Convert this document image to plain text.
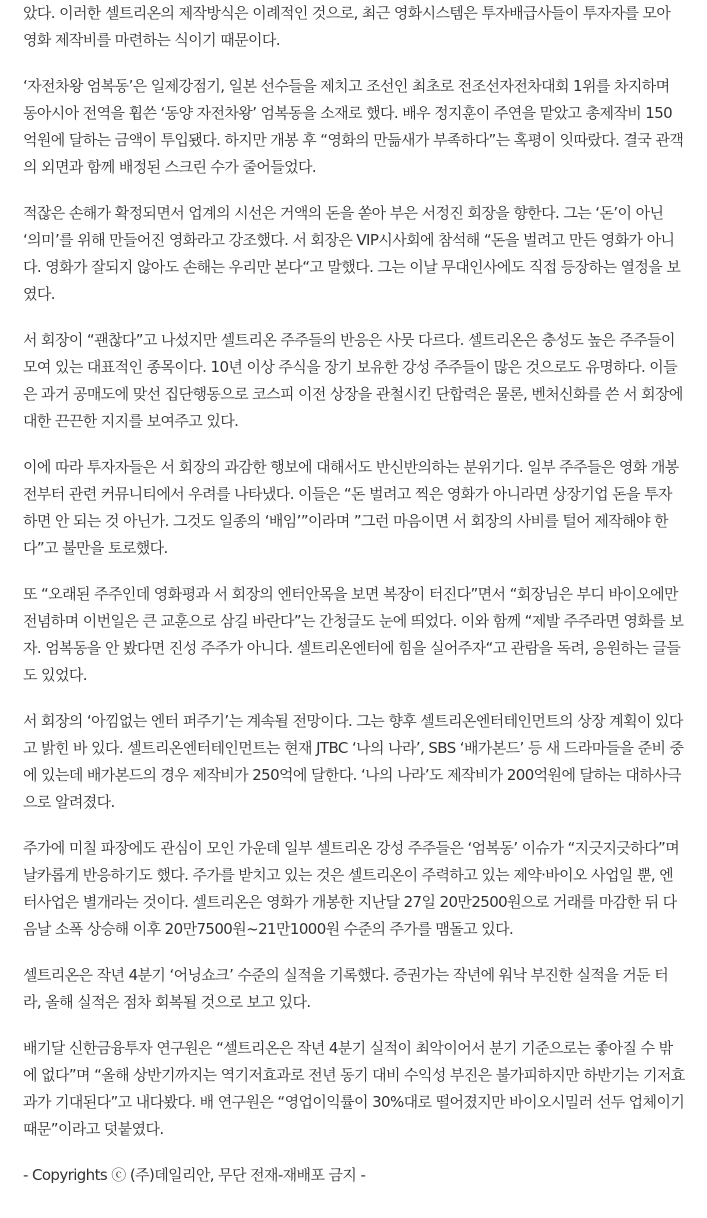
았다. 이러한 셀트리온의 제작방식은 이례적인 것으로, 최근 영화시스템은 투자배급사들이 투자자를 모아 영화 제작비를 마련하는 식이기 때문이다.

‘자전차왕 엄복동’은 일제강점기, 일본 선수들을 제치고 조선인 최초로 전조선자전차대회 1위를 차지하며 동아시아 전역을 휩쓴 ‘동양 자전차왕’ 엄복동을 소재로 했다. 배우 정지훈이 주연을 맡았고 총제작비 150억원에 달하는 금액이 투입됐다. 하지만 개봉 후 “영화의 만듦새가 부족하다”는 혹평이 잇따랐다. 결국 관객의 외면과 함께 배정된 스크린 수가 줄어들었다.

적잖은 손해가 확정되면서 업계의 시선은 거액의 돈을 쏟아 부은 서정진 회장을 향한다. 그는 ‘돈’이 아닌 ‘의미’를 위해 만들어진 영화라고 강조했다. 서 회장은 VIP시사회에 참석해 “돈을 벌려고 만든 영화가 아니다. 영화가 잘되지 않아도 손해는 우리만 본다“고 말했다. 그는 이날 무대인사에도 직접 등장하는 열정을 보였다.

서 회장이 “괜찮다”고 나섰지만 셀트리온 주주들의 반응은 사뭇 다르다. 셀트리온은 충성도 높은 주주들이 모여 있는 대표적인 종목이다. 10년 이상 주식을 장기 보유한 강성 주주들이 많은 것으로도 유명하다. 이들은 과거 공매도에 맞선 집단행동으로 코스피 이전 상장을 관철시킨 단합력은 물론, 벤처신화를 쓴 서 회장에 대한 끈끈한 지지를 보여주고 있다.

이에 따라 투자자들은 서 회장의 과감한 행보에 대해서도 반신반의하는 분위기다. 일부 주주들은 영화 개봉 전부터 관련 커뮤니티에서 우려를 나타냈다. 이들은 “돈 벌려고 찍은 영화가 아니라면 상장기업 돈을 투자하면 안 되는 것 아닌가. 그것도 일종의 ‘배임’”이라며 ”그런 마음이면 서 회장의 사비를 털어 제작해야 한다”고 불만을 토로했다.

또 “오래된 주주인데 영화평과 서 회장의 엔터안목을 보면 복장이 터진다”면서 “회장님은 부디 바이오에만 전념하며 이번일은 큰 교훈으로 삼길 바란다”는 간청글도 눈에 띄었다. 이와 함께 “제발 주주라면 영화를 보자. 엄복동을 안 봤다면 진성 주주가 아니다. 셀트리온엔터에 힘을 실어주자“고 관람을 독려, 응원하는 글들도 있었다.

서 회장의 ‘아낌없는 엔터 퍼주기’는 계속될 전망이다. 그는 향후 셀트리온엔터테인먼트의 상장 계획이 있다고 밝힌 바 있다. 셀트리온엔터테인먼트는 현재 JTBC ‘나의 나라’, SBS ‘배가본드’ 등 새 드라마들을 준비 중에 있는데 배가본드의 경우 제작비가 250억에 달한다. ‘나의 나라’도 제작비가 200억원에 달하는 대하사극으로 알려졌다.

주가에 미칠 파장에도 관심이 모인 가운데 일부 셀트리온 강성 주주들은 ‘엄복동’ 이슈가 “지긋지긋하다”며 날카롭게 반응하기도 했다. 주가를 받치고 있는 것은 셀트리온이 주력하고 있는 제약·바이오 사업일 뿐, 엔터사업은 별개라는 것이다. 셀트리온은 영화가 개봉한 지난달 27일 20만2500원으로 거래를 마감한 뒤 다음날 소폭 상승해 이후 20만7500원~21만1000원 수준의 주가를 맴돌고 있다.

셀트리온은 작년 4분기 ‘어닝쇼크’ 수준의 실적을 기록했다. 증권가는 작년에 워낙 부진한 실적을 거둔 터라, 올해 실적은 점차 회복될 것으로 보고 있다.

배기달 신한금융투자 연구원은 “셀트리온은 작년 4분기 실적이 최악이어서 분기 기준으로는 좋아질 수 밖에 없다”며 “올해 상반기까지는 역기저효과로 전년 동기 대비 수익성 부진은 불가피하지만 하반기는 기저효과가 기대된다”고 내다봤다. 배 연구원은 “영업이익률이 30%대로 떨어졌지만 바이오시밀러 선두 업체이기 때문”이라고 덧붙였다.

- Copyrights ⓒ (주)데일리안, 무단 전재-재배포 금지 -
